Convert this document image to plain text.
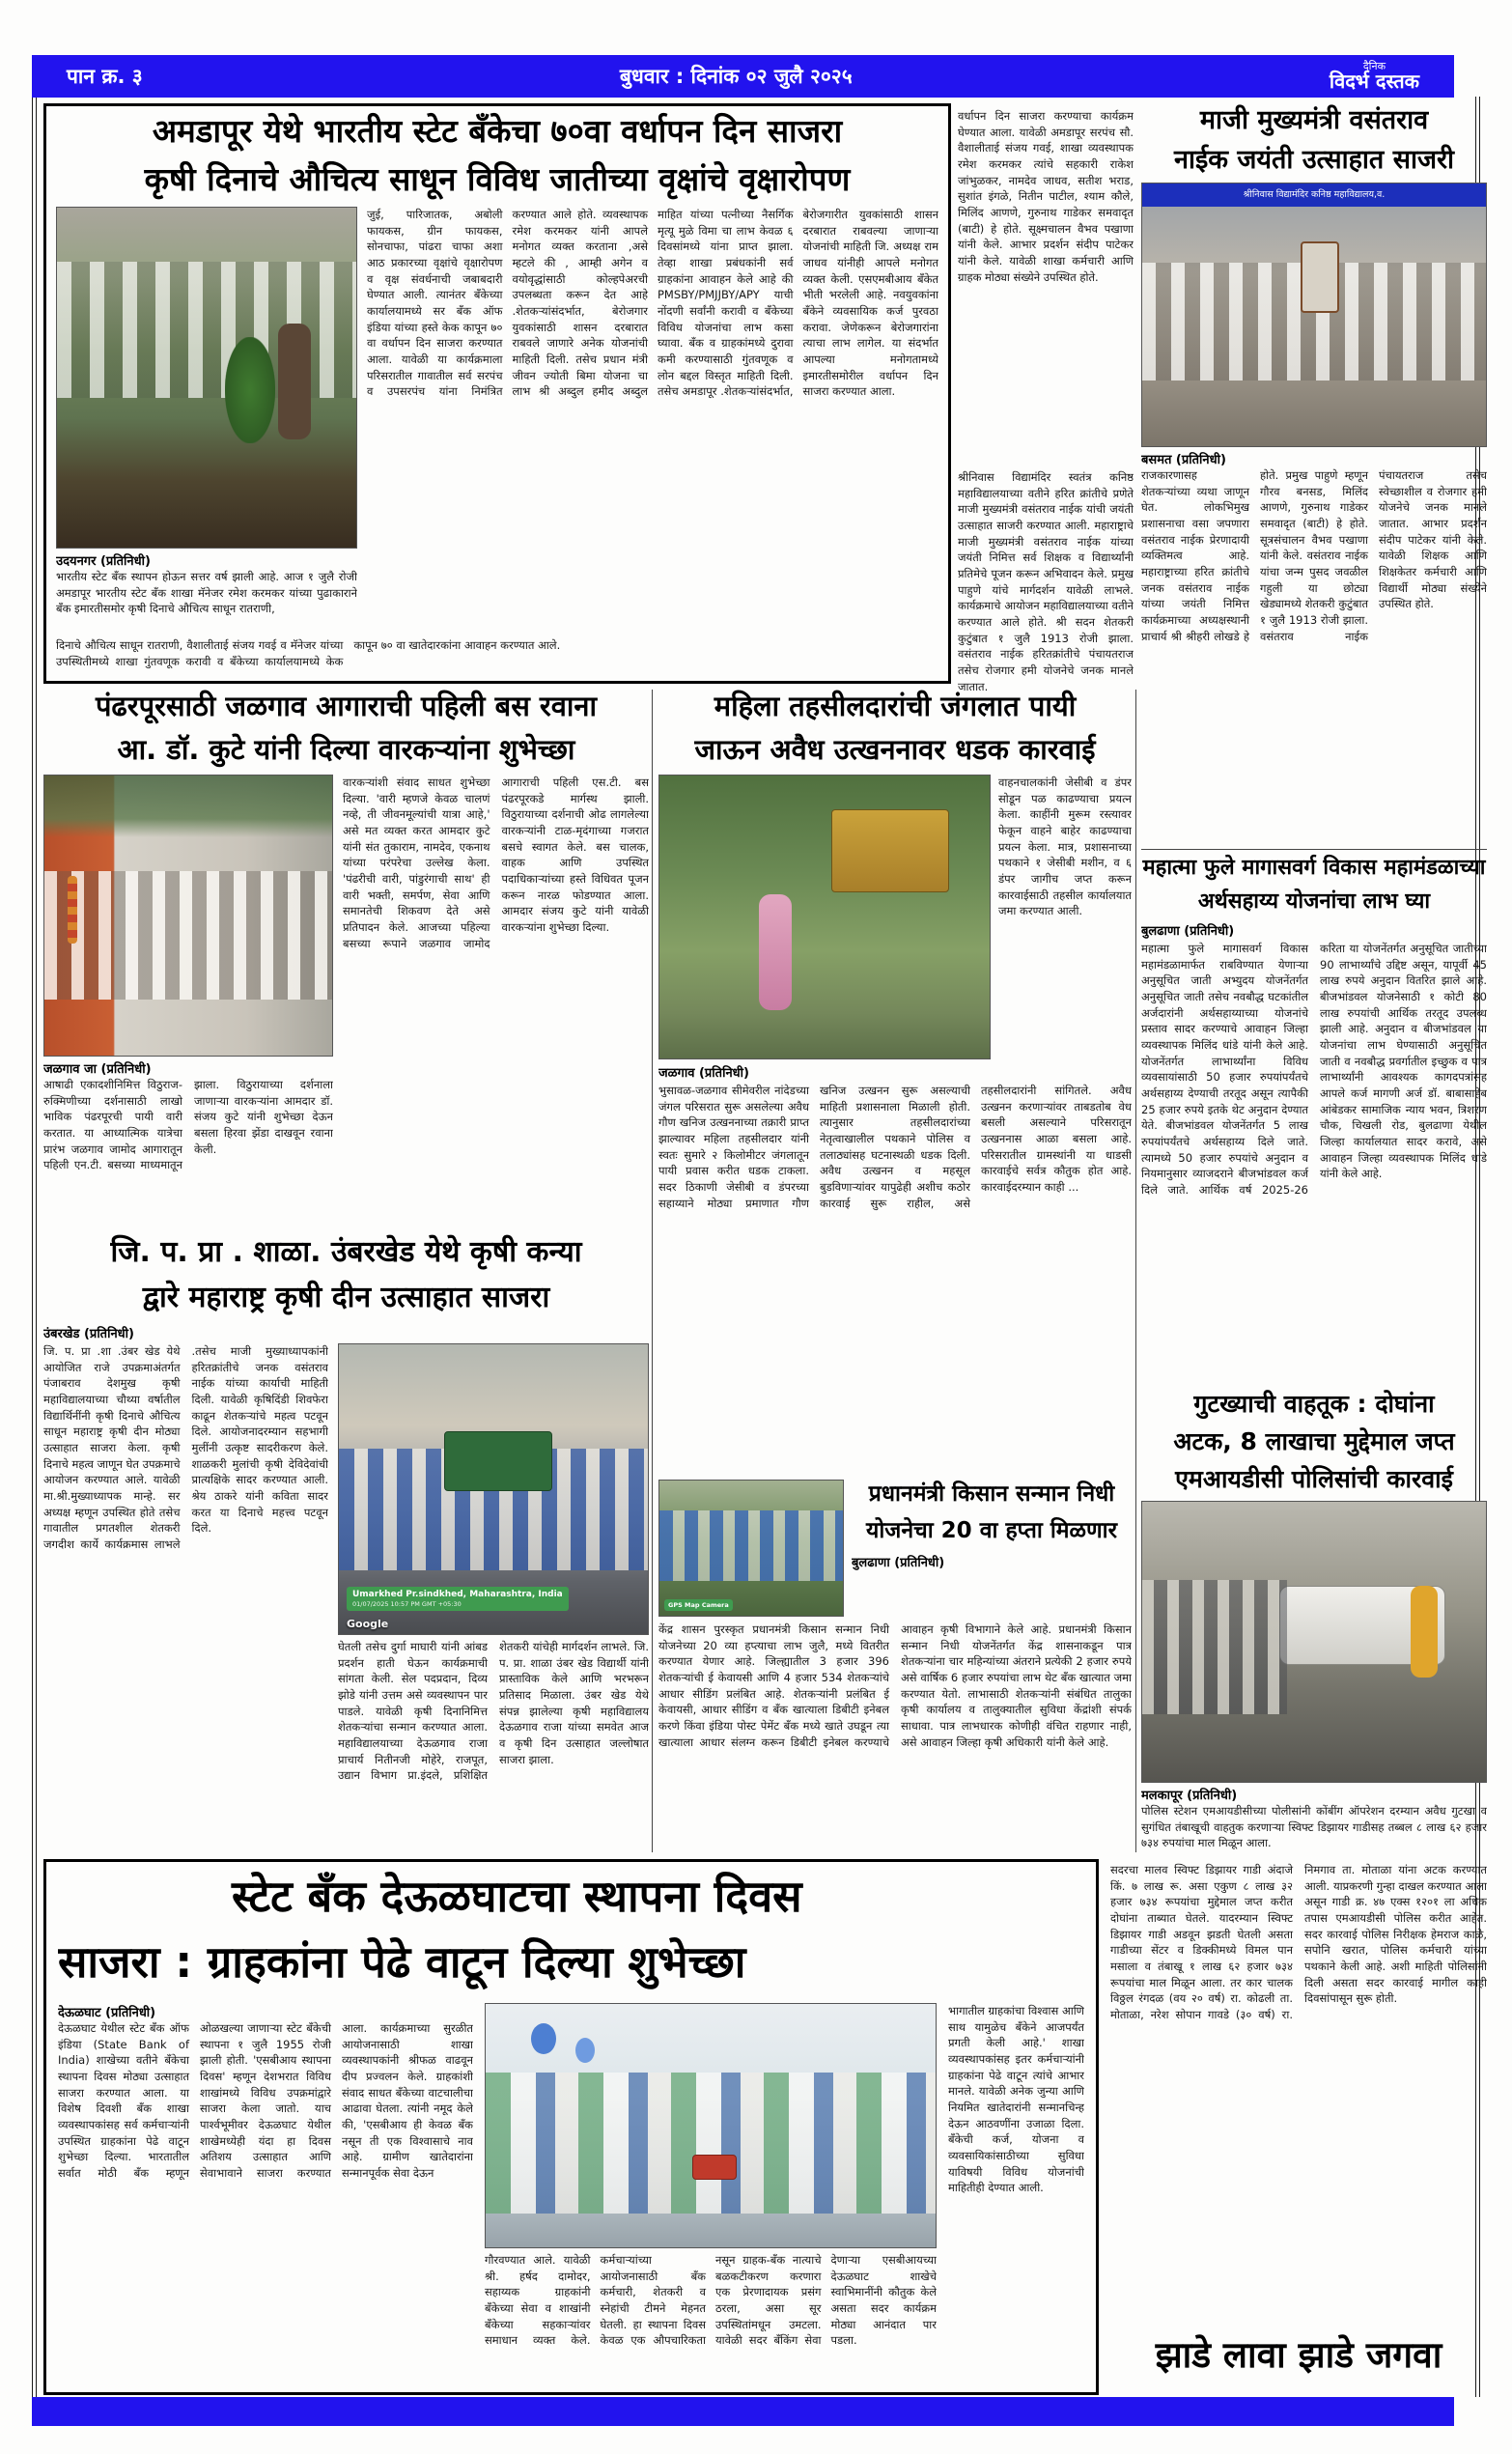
पान क्र. ३	बुधवार : दिनांक ०२ जुलै २०२५	दैनिक
विदर्भ दस्तक
अमडापूर येथे भारतीय स्टेट बँकेचा ७०वा वर्धापन दिन साजरा
कृषी दिनाचे औचित्य साधून विविध जातीच्या वृक्षांचे वृक्षारोपण
उदयनगर (प्रतिनिधी)
भारतीय स्टेट बँक स्थापन होऊन सत्तर वर्ष झाली आहे. आज १ जुलै रोजी अमडापूर भारतीय स्टेट बँक शाखा मॅनेजर रमेश करमकर यांच्या पुढाकाराने बँक इमारतीसमोर कृषी दिनाचे औचित्य साधून रातराणी,
जुई, पारिजातक, अबोली फायकस, ग्रीन फायकस, सोनचाफा, पांढरा चाफा अशा आठ प्रकारच्या वृक्षांचे वृक्षारोपण व वृक्ष संवर्धनाची जबाबदारी घेण्यात आली. त्यानंतर बँकेच्या कार्यालयामध्ये सर बँक ऑफ इंडिया यांच्या हस्ते केक कापून ७० वा वर्धापन दिन साजरा करण्यात आला. यावेळी या कार्यक्रमाला परिसरातील गावातील सर्व सरपंच व उपसरपंच यांना निमंत्रित करण्यात आले होते. व्यवस्थापक रमेश करमकर यांनी आपले मनोगत व्यक्त करताना ,असे म्हटले की , आम्ही अगेन व वयोवृद्धांसाठी कोल्हपेअरची उपलब्धता करून देत आहे .शेतकऱ्यांसंदर्भात, बेरोजगार युवकांसाठी शासन दरबारात राबवले जाणारे अनेक योजनांची माहिती दिली. तसेच प्रधान मंत्री जीवन ज्योती बिमा योजना चा लाभ श्री अब्दुल हमीद अब्दुल माहित यांच्या पत्नीच्या नैसर्गिक मृत्यू मुळे विमा चा लाभ केवळ ६ दिवसांमध्ये यांना प्राप्त झाला. तेव्हा शाखा प्रबंधकांनी सर्व ग्राहकांना आवाहन केले आहे की PMSBY/PMJJBY/APY याची नोंदणी सर्वांनी करावी व बँकेच्या विविध योजनांचा लाभ कसा घ्यावा. बँक व ग्राहकांमध्ये दुरावा कमी करण्यासाठी गुंतवणूक व लोन बद्दल विस्तृत माहिती दिली. तसेच अमडापूर .शेतकऱ्यांसंदर्भात, बेरोजगारीत युवकांसाठी शासन दरबारात राबवल्या जाणाऱ्या योजनांची माहिती जि. अध्यक्ष राम जाधव यांनीही आपले मनोगत व्यक्त केली. एसएमबीआय बँकेत भीती भरलेली आहे. नवयुवकांना बँकेने व्यवसायिक कर्ज पुरवठा करावा. जेणेकरून बेरोजगारांना त्याचा लाभ लागेल. या संदर्भात आपल्या मनोगतामध्ये इमारतीसमोरील वर्धापन दिन साजरा करण्यात आला.
दिनाचे औचित्य साधून रातराणी, वैशालीताई संजय गवई व मॅनेजर यांच्या उपस्थितीमध्ये शाखा गुंतवणूक करावी व बँकेच्या कार्यालयामध्ये केक कापून ७० वा खातेदारकांना आवाहन करण्यात आले.
वर्धापन दिन साजरा करण्याचा कार्यक्रम घेण्यात आला. यावेळी अमडापूर सरपंच सौ. वैशालीताई संजय गवई, शाखा व्यवस्थापक रमेश करमकर त्यांचे सहकारी राकेश जांभुळकर, नामदेव जाधव, सतीश भराड, सुशांत इंगळे, नितीन पाटील, श्याम कौले, मिलिंद आणणे, गुरुनाथ गाडेकर समवादृत (बाटी) हे होते. सूक्ष्मचालन वैभव पखाणा यांनी केले. आभार प्रदर्शन संदीप पाटेकर यांनी केले. यावेळी शाखा कर्मचारी आणि ग्राहक मोठ्या संख्येने उपस्थित होते.
माजी मुख्यमंत्री वसंतराव
नाईक जयंती उत्साहात साजरी
श्रीनिवास विद्यामंदिर कनिष्ठ महाविद्यालय,व.
बसमत (प्रतिनिधी)
राजकारणासह शेतकऱ्यांच्या व्यथा जाणून घेत. लोकभिमुख प्रशासनाचा वसा जपणारा वसंतराव नाईक प्रेरणादायी व्यक्तिमत्व आहे. महाराष्ट्राच्या हरित क्रांतीचे जनक वसंतराव नाईक यांच्या जयंती निमित्त कार्यक्रमाच्या अध्यक्षस्थानी प्राचार्य श्री श्रीहरी लोखडे हे होते. प्रमुख पाहुणे म्हणून गौरव बनसड, मिलिंद आणणे, गुरुनाथ गाडेकर समवादृत (बाटी) हे होते. सूत्रसंचालन वैभव पखाणा यांनी केले. वसंतराव नाईक यांचा जन्म पुसद जवळील गहुली या छोट्या खेड्यामध्ये शेतकरी कुटुंबात १ जुलै 1913 रोजी झाला. वसंतराव नाईक पंचायतराज तसेच स्वेच्छाशील व रोजगार हमी योजनेचे जनक मानले जातात. आभार प्रदर्शन संदीप पाटेकर यांनी केले. यावेळी शिक्षक आणि शिक्षकेतर कर्मचारी आणि विद्यार्थी मोठ्या संख्येने उपस्थित होते.
श्रीनिवास विद्यामंदिर स्वतंत्र कनिष्ठ महाविद्यालयाच्या वतीने हरित क्रांतीचे प्रणेते माजी मुख्यमंत्री वसंतराव नाईक यांची जयंती उत्साहात साजरी करण्यात आली. महाराष्ट्राचे माजी मुख्यमंत्री वसंतराव नाईक यांच्या जयंती निमित्त सर्व शिक्षक व विद्यार्थ्यांनी प्रतिमेचे पूजन करून अभिवादन केले. प्रमुख पाहुणे यांचे मार्गदर्शन यावेळी लाभले. कार्यक्रमाचे आयोजन महाविद्यालयाच्या वतीने करण्यात आले होते. श्री सदन शेतकरी कुटुंबात १ जुलै 1913 रोजी झाला. वसंतराव नाईक हरितक्रांतीचे पंचायतराज तसेच रोजगार हमी योजनेचे जनक मानले जातात.
पंढरपूरसाठी जळगाव आगाराची पहिली बस रवाना
आ. डॉ. कुटे यांनी दिल्या वारकऱ्यांना शुभेच्छा
जळगाव जा (प्रतिनिधी)
आषाढी एकादशीनिमित्त विठुराज-रुक्मिणीच्या दर्शनासाठी लाखो भाविक पंढरपूरची पायी वारी करतात. या आध्यात्मिक यात्रेचा प्रारंभ जळगाव जामोद आगारातून पहिली एन.टी. बसच्या माध्यमातून झाला. विठुरायाच्या दर्शनाला जाणाऱ्या वारकऱ्यांना आमदार डॉ. संजय कुटे यांनी शुभेच्छा देऊन बसला हिरवा झेंडा दाखवून रवाना केली.
वारकऱ्यांशी संवाद साधत शुभेच्छा दिल्या. 'वारी म्हणजे केवळ चालणं नव्हे, ती जीवनमूल्यांची यात्रा आहे,' असे मत व्यक्त करत आमदार कुटे यांनी संत तुकाराम, नामदेव, एकनाथ यांच्या परंपरेचा उल्लेख केला. 'पंढरीची वारी, पांडुरंगाची साथ' ही वारी भक्ती, समर्पण, सेवा आणि समानतेची शिकवण देते असे प्रतिपादन केले. आजच्या पहिल्या बसच्या रूपाने जळगाव जामोद आगाराची पहिली एस.टी. बस पंढरपूरकडे मार्गस्थ झाली. विठुरायाच्या दर्शनाची ओढ लागलेल्या वारकऱ्यांनी टाळ-मृदंगाच्या गजरात बसचे स्वागत केले. बस चालक, वाहक आणि उपस्थित पदाधिकाऱ्यांच्या हस्ते विधिवत पूजन करून नारळ फोडण्यात आला. आमदार संजय कुटे यांनी यावेळी वारकऱ्यांना शुभेच्छा दिल्या.
महिला तहसीलदारांची जंगलात पायी
जाऊन अवैध उत्खननावर धडक कारवाई
वाहनचालकांनी जेसीबी व डंपर सोडून पळ काढण्याचा प्रयत्न केला. काहींनी मुरूम रस्त्यावर फेकून वाहने बाहेर काढण्याचा प्रयत्न केला. मात्र, प्रशासनाच्या पथकाने १ जेसीबी मशीन, व ६ डंपर जागीच जप्त करून कारवाईसाठी तहसील कार्यालयात जमा करण्यात आली.
जळगाव (प्रतिनिधी)
भुसावळ-जळगाव सीमेवरील नांदेडच्या जंगल परिसरात सुरू असलेल्या अवैध गौण खनिज उत्खननाच्या तक्रारी प्राप्त झाल्यावर महिला तहसीलदार यांनी स्वतः सुमारे २ किलोमीटर जंगलातून पायी प्रवास करीत धडक टाकला. सदर ठिकाणी जेसीबी व डंपरच्या सहाय्याने मोठ्या प्रमाणात गौण खनिज उत्खनन सुरू असल्याची माहिती प्रशासनाला मिळाली होती. त्यानुसार तहसीलदारांच्या नेतृत्वाखालील पथकाने पोलिस व तलाठ्यांसह घटनास्थळी धडक दिली. अवैध उत्खनन व महसूल बुडविणाऱ्यांवर यापुढेही अशीच कठोर कारवाई सुरू राहील, असे तहसीलदारांनी सांगितले. अवैध उत्खनन करणाऱ्यांवर ताबडतोब वेध बसली असल्याने परिसरातून उत्खननास आळा बसला आहे. परिसरातील ग्रामस्थांनी या धाडसी कारवाईचे सर्वत्र कौतुक होत आहे. कारवाईदरम्यान काही ...
महात्मा फुले मागासवर्ग विकास महामंडळाच्या
अर्थसहाय्य योजनांचा लाभ घ्या
बुलढाणा (प्रतिनिधी)
महात्मा फुले मागासवर्ग विकास महामंडळामार्फत राबविण्यात येणाऱ्या अनुसूचित जाती अभ्युदय योजनेंतर्गत अनुसूचित जाती तसेच नवबौद्ध घटकांतील अर्जदारांनी अर्थसहाय्याच्या योजनांचे प्रस्ताव सादर करण्याचे आवाहन जिल्हा व्यवस्थापक मिलिंद धांडे यांनी केले आहे. योजनेंतर्गत लाभार्थ्यांना विविध व्यवसायांसाठी 50 हजार रुपयांपर्यंतचे अर्थसहाय्य देण्याची तरतूद असून त्यापैकी 25 हजार रुपये इतके थेट अनुदान देण्यात येते. बीजभांडवल योजनेंतर्गत 5 लाख रुपयांपर्यंतचे अर्थसहाय्य दिले जाते. त्यामध्ये 50 हजार रुपयांचे अनुदान व नियमानुसार व्याजदराने बीजभांडवल कर्ज दिले जाते. आर्थिक वर्ष 2025-26 करिता या योजनेंतर्गत अनुसूचित जातीच्या 90 लाभार्थ्यांचे उद्दिष्ट असून, यापूर्वी 45 लाख रुपये अनुदान वितरित झाले आहे. बीजभांडवल योजनेसाठी १ कोटी 80 लाख रुपयांची आर्थिक तरतूद उपलब्ध झाली आहे. अनुदान व बीजभांडवल या योजनांचा लाभ घेण्यासाठी अनुसूचित जाती व नवबौद्ध प्रवर्गातील इच्छुक व पात्र लाभार्थ्यांनी आवश्यक कागदपत्रांसह आपले कर्ज मागणी अर्ज डॉ. बाबासाहेब आंबेडकर सामाजिक न्याय भवन, त्रिशरण चौक, चिखली रोड, बुलढाणा येथील जिल्हा कार्यालयात सादर करावे, असे आवाहन जिल्हा व्यवस्थापक मिलिंद धांडे यांनी केले आहे.
जि. प. प्रा . शाळा. उंबरखेड येथे कृषी कन्या
द्वारे महाराष्ट्र कृषी दीन उत्साहात साजरा
उंबरखेड (प्रतिनिधी)
जि. प. प्रा .शा .उंबर खेड येथे आयोजित राजे उपक्रमाअंतर्गत पंजाबराव देशमुख कृषी महाविद्यालयाच्या चौथ्या वर्षातील विद्यार्थिनींनी कृषी दिनाचे औचित्य साधून महाराष्ट्र कृषी दीन मोठ्या उत्साहात साजरा केला. कृषी दिनाचे महत्व जाणून घेत उपक्रमाचे आयोजन करण्यात आले. यावेळी मा.श्री.मुख्याध्यापक मान्हे. सर अध्यक्ष म्हणून उपस्थित होते तसेच गावातील प्रगतशील शेतकरी जगदीश कार्ये कार्यक्रमास लाभले .तसेच माजी मुख्याध्यापकांनी हरितक्रांतीचे जनक वसंतराव नाईक यांच्या कार्याची माहिती दिली. यावेळी कृषिदिंडी शिवफेरा काढून शेतकऱ्यांचे महत्व पटवून दिले. आयोजनादरम्यान सहभागी मुलींनी उत्कृष्ट सादरीकरण केले. शाळकरी मुलांची कृषी देविदेवांची प्रात्यक्षिके सादर करण्यात आली. श्रेय ठाकरे यांनी कविता सादर करत या दिनाचे महत्त्व पटवून दिले.
Umarkhed Pr.sindkhed, Maharashtra, India
01/07/2025 10:57 PM GMT +05:30
Google
घेतली तसेच दुर्गा माघारी यांनी आंबड प्रदर्शन हाती घेऊन कार्यक्रमाची सांगता केली. सेल पदप्रदान, दिव्य झोडे यांनी उत्तम असे व्यवस्थापन पार पाडले. यावेळी कृषी दिनानिमित्त शेतकऱ्यांचा सन्मान करण्यात आला. महाविद्यालयाच्या देऊळगाव राजा प्राचार्य नितीनजी मोहेरे, राजपूत, उद्यान विभाग प्रा.इंदले, प्रशिक्षित शेतकरी यांचेही मार्गदर्शन लाभले. जि. प. प्रा. शाळा उंबर खेड विद्यार्थी यांनी प्रास्ताविक केले आणि भरभरून प्रतिसाद मिळाला. उंबर खेड येथे संपन्न झालेल्या कृषी महाविद्यालय देऊळगाव राजा यांच्या समवेत आज व कृषी दिन उत्साहात जल्लोषात साजरा झाला.
GPS Map Camera
प्रधानमंत्री किसान सन्मान निधी
योजनेचा 20 वा हप्ता मिळणार
बुलढाणा (प्रतिनिधी)
केंद्र शासन पुरस्कृत प्रधानमंत्री किसान सन्मान निधी योजनेच्या 20 व्या हप्त्याचा लाभ जुलै, मध्ये वितरीत करण्यात येणार आहे. जिल्ह्यातील 3 हजार 396 शेतकऱ्यांची ई केवायसी आणि 4 हजार 534 शेतकऱ्यांचे आधार सीडिंग प्रलंबित आहे. शेतकऱ्यांनी प्रलंबित ई केवायसी, आधार सीडिंग व बँक खात्याला डिबीटी इनेबल करणे किंवा इंडिया पोस्ट पेमेंट बँक मध्ये खाते उघडून त्या खात्याला आधार संलग्न करून डिबीटी इनेबल करण्याचे आवाहन कृषी विभागाने केले आहे. प्रधानमंत्री किसान सन्मान निधी योजनेंतर्गत केंद्र शासनाकडून पात्र शेतकऱ्यांना चार महिन्यांच्या अंतराने प्रत्येकी 2 हजार रुपये असे वार्षिक 6 हजार रुपयांचा लाभ थेट बँक खात्यात जमा करण्यात येतो. लाभासाठी शेतकऱ्यांनी संबंधित तालुका कृषी कार्यालय व तालुक्यातील सुविधा केंद्रांशी संपर्क साधावा. पात्र लाभधारक कोणीही वंचित राहणार नाही, असे आवाहन जिल्हा कृषी अधिकारी यांनी केले आहे.
गुटख्याची वाहतूक : दोघांना
अटक, 8 लाखाचा मुद्देमाल जप्त
एमआयडीसी पोलिसांची कारवाई
मलकापूर (प्रतिनिधी)
पोलिस स्टेशन एमआयडीसीच्या पोलीसांनी कोंबींग ऑपरेशन दरम्यान अवैध गुटखा व सुगंधित तंबाखूची वाहतुक करणाऱ्या स्विफ्ट डिझायर गाडीसह तब्बल ८ लाख ६२ हजार ७३४ रुपयांचा माल मिळून आला.
सदरचा मालव स्विफ्ट डिझायर गाडी अंदाजे किं. ७ लाख रू. असा एकुण ८ लाख ३२ हजार ७३४ रूपयांचा मुद्देमाल जप्त करीत दोघांना ताब्यात घेतले. यादरम्यान स्विफ्ट डिझायर गाडी अडवून झडती घेतली असता गाडीच्या सेंटर व डिक्कीमध्ये विमल पान मसाला व तंबाखू १ लाख ६२ हजार ७३४ रूपयांचा माल मिळून आला. तर कार चालक विठ्ठल रंगदळ (वय २० वर्ष) रा. कोढली ता. मोताळा, नरेश सोपान गावडे (३० वर्ष) रा. निमगाव ता. मोताळा यांना अटक करण्यात आली. याप्रकरणी गुन्हा दाखल करण्यात आला असून गाडी क्र. ४७ एक्स १२०१ ला अधिक तपास एमआयडीसी पोलिस करीत आहेत. सदर कारवाई पोलिस निरीक्षक हेमराज काळे, सपोनि खरात, पोलिस कर्मचारी यांच्या पथकाने केली आहे. अशी माहिती पोलिसांनी दिली असता सदर कारवाई मागील काही दिवसांपासून सुरू होती.
स्टेट बँक देऊळघाटचा स्थापना दिवस
साजरा : ग्राहकांना पेढे वाटून दिल्या शुभेच्छा
देऊळघाट (प्रतिनिधी)
देऊळघाट येथील स्टेट बँक ऑफ इंडिया (State Bank of India) शाखेच्या वतीने बँकेचा स्थापना दिवस मोठ्या उत्साहात साजरा करण्यात आला. या विशेष दिवशी बँक शाखा व्यवस्थापकांसह सर्व कर्मचाऱ्यांनी उपस्थित ग्राहकांना पेढे वाटून शुभेच्छा दिल्या. भारतातील सर्वात मोठी बँक म्हणून ओळखल्या जाणाऱ्या स्टेट बँकेची स्थापना १ जुलै 1955 रोजी झाली होती. 'एसबीआय स्थापना दिवस' म्हणून देशभरात विविध शाखांमध्ये विविध उपक्रमांद्वारे साजरा केला जातो. याच पार्श्वभूमीवर देऊळघाट येथील शाखेमध्येही यंदा हा दिवस अतिशय उत्साहात आणि सेवाभावाने साजरा करण्यात आला. कार्यक्रमाच्या सुरळीत आयोजनासाठी शाखा व्यवस्थापकांनी श्रीफळ वाढवून दीप प्रज्वलन केले. ग्राहकांशी संवाद साधत बँकेच्या वाटचालीचा आढावा घेतला. त्यांनी नमूद केले की, 'एसबीआय ही केवळ बँक नसून ती एक विश्वासाचे नाव आहे. ग्रामीण खातेदारांना सन्मानपूर्वक सेवा देऊन
गौरवण्यात आले. यावेळी श्री. हर्षद दामोदर, सहाय्यक ग्राहकांनी बँकेच्या सेवा व शाखांनी बँकेच्या सहकाऱ्यांवर समाधान व्यक्त केले. कर्मचाऱ्यांच्या आयोजनासाठी बँक कर्मचारी, शेतकरी व स्नेहांची टीमने मेहनत घेतली. हा स्थापना दिवस केवळ एक औपचारिकता नसून ग्राहक-बँक नात्याचे बळकटीकरण करणारा एक प्रेरणादायक प्रसंग ठरला, असा सूर उपस्थितांमधून उमटला. यावेळी सदर बँकिंग सेवा देणाऱ्या एसबीआयच्या देऊळघाट शाखेचे स्वाभिमानींनी कौतुक केले असता सदर कार्यक्रम मोठ्या आनंदात पार पडला.
भागातील ग्राहकांचा विश्वास आणि साथ यामुळेच बँकेने आजपर्यंत प्रगती केली आहे.' शाखा व्यवस्थापकांसह इतर कर्मचाऱ्यांनी ग्राहकांना पेढे वाटून त्यांचे आभार मानले. यावेळी अनेक जुन्या आणि नियमित खातेदारांनी सन्मानचिन्ह देऊन आठवणींना उजाळा दिला. बँकेची कर्ज, योजना व व्यवसायिकांसाठीच्या सुविधा याविषयी विविध योजनांची माहितीही देण्यात आली.
झाडे लावा झाडे जगवा
